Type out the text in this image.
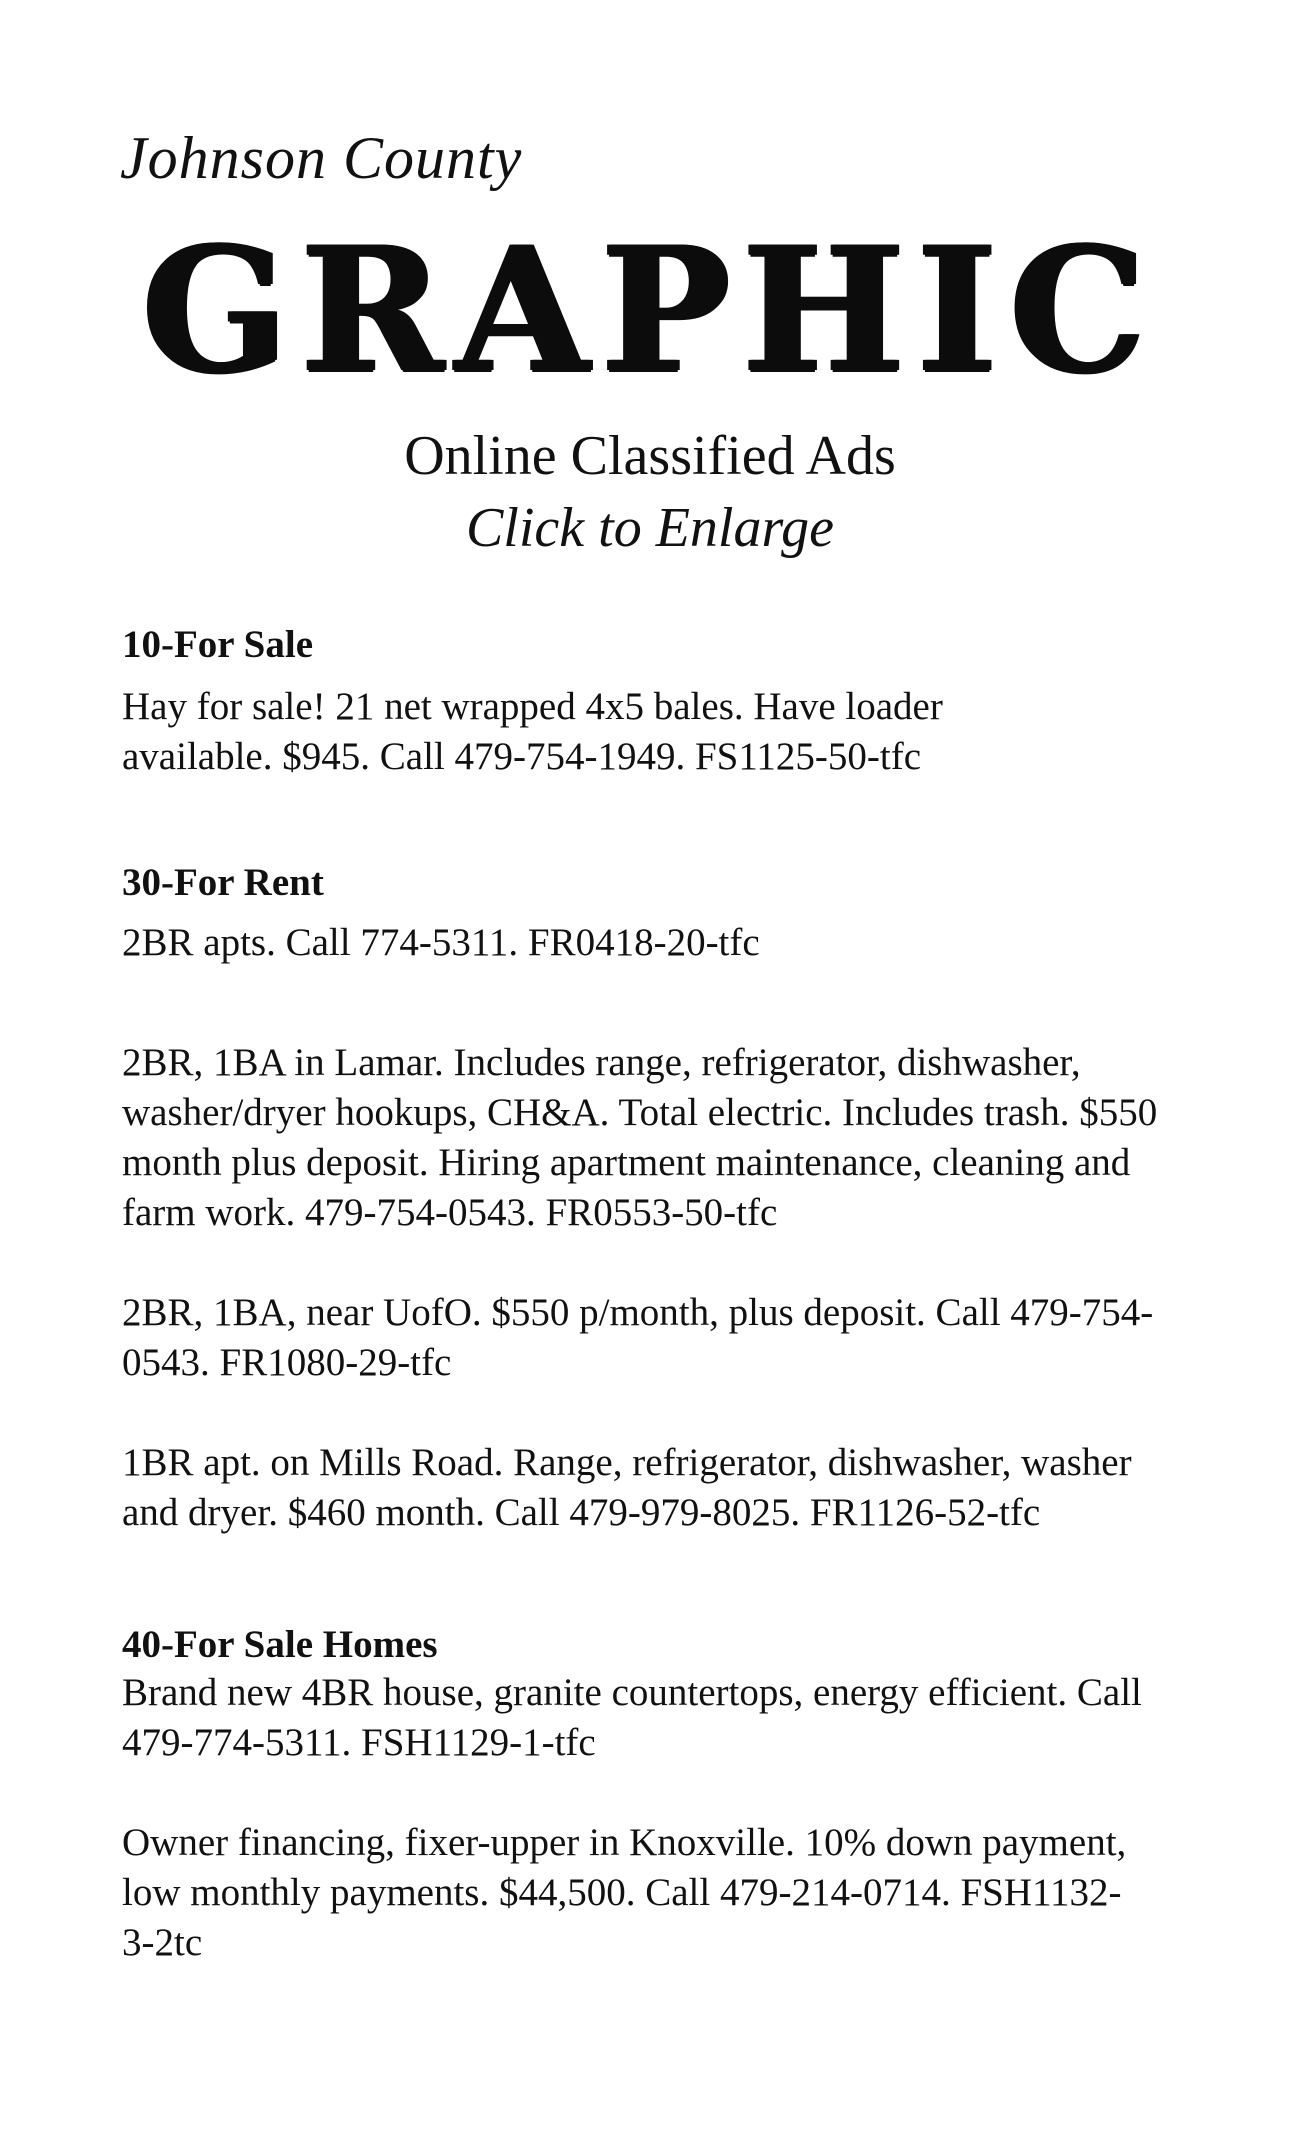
Johnson County
GRAPHIC
Online Classified Ads
Click to Enlarge
10-For Sale

Hay for sale! 21 net wrapped 4x5 bales. Have loader available. $945. Call 479-754-1949. FS1125-50-tfc

30-For Rent

2BR apts. Call 774-5311. FR0418-20-tfc

2BR, 1BA in Lamar. Includes range, refrigerator, dishwasher, washer/dryer hookups, CH&A. Total electric. Includes trash. $550 month plus deposit. Hiring apartment maintenance, cleaning and farm work. 479-754-0543. FR0553-50-tfc

2BR, 1BA, near UofO. $550 p/month, plus deposit. Call 479-754-0543. FR1080-29-tfc

1BR apt. on Mills Road. Range, refrigerator, dishwasher, washer and dryer. $460 month. Call 479-979-8025. FR1126-52-tfc

40-For Sale Homes

Brand new 4BR house, granite countertops, energy efficient. Call 479-774-5311. FSH1129-1-tfc

Owner financing, fixer-upper in Knoxville. 10% down payment, low monthly payments. $44,500. Call 479-214-0714. FSH1132-3-2tc
